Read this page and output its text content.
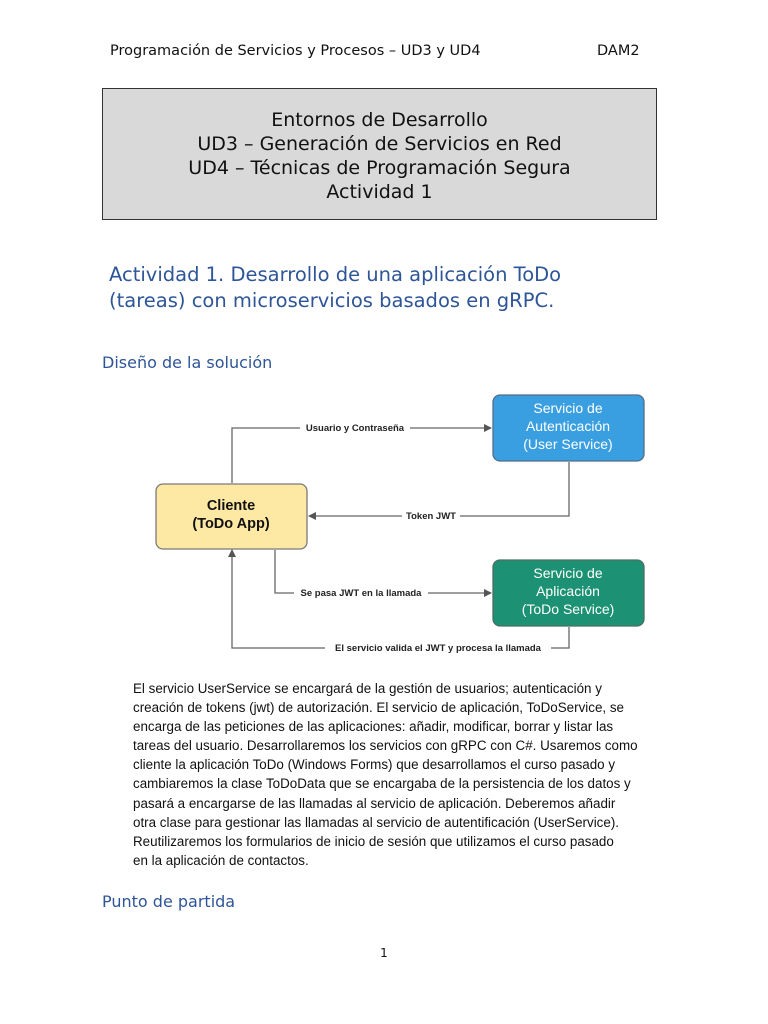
Programación de Servicios y Procesos – UD3 y UD4	DAM2
Entornos de Desarrollo
UD3 – Generación de Servicios en Red
UD4 – Técnicas de Programación Segura
Actividad 1
Actividad 1. Desarrollo de una aplicación ToDo
(tareas) con microservicios basados en gRPC.
Diseño de la solución
Usuario y Contraseña
Token JWT
Se pasa JWT en la llamada
El servicio valida el JWT y procesa la llamada
Cliente
(ToDo App)
Servicio de
Autenticación
(User Service)
Servicio de
Aplicación
(ToDo Service)
El servicio UserService se encargará de la gestión de usuarios; autenticación y
creación de tokens (jwt) de autorización. El servicio de aplicación, ToDoService, se
encarga de las peticiones de las aplicaciones: añadir, modificar, borrar y listar las
tareas del usuario. Desarrollaremos los servicios con gRPC con C#. Usaremos como
cliente la aplicación ToDo (Windows Forms) que desarrollamos el curso pasado y
cambiaremos la clase ToDoData que se encargaba de la persistencia de los datos y
pasará a encargarse de las llamadas al servicio de aplicación. Deberemos añadir
otra clase para gestionar las llamadas al servicio de autentificación (UserService).
Reutilizaremos los formularios de inicio de sesión que utilizamos el curso pasado
en la aplicación de contactos.
Punto de partida
1
